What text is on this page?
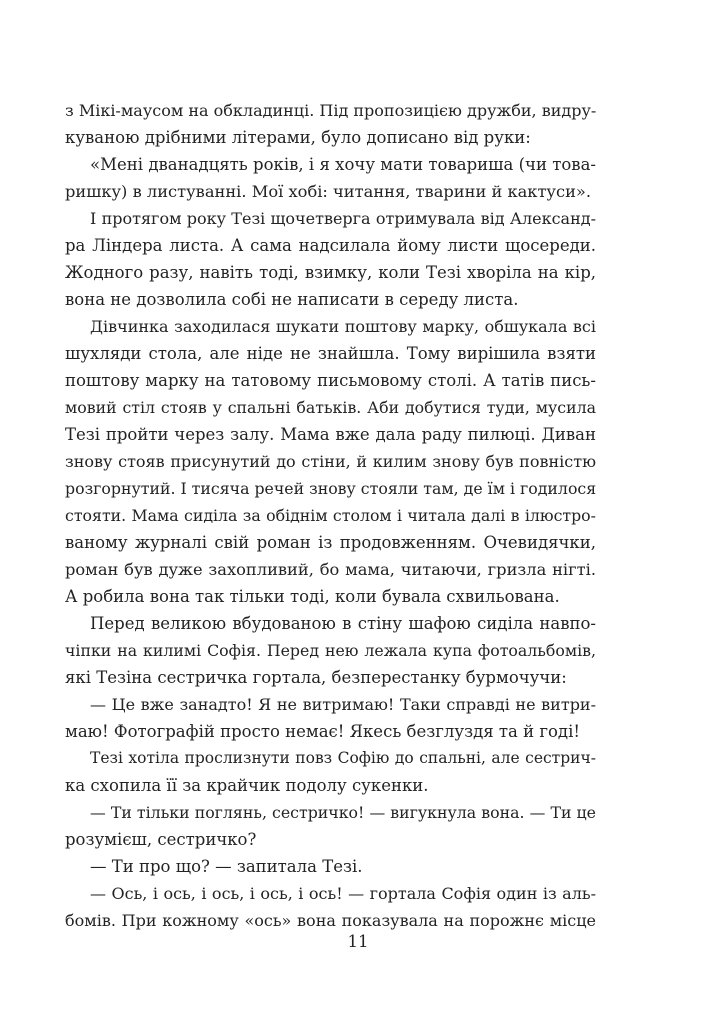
з Мікі-маусом на обкладинці. Під пропозицією дружби, видру-
куваною дрібними літерами, було дописано від руки:
«Мені дванадцять років, і я хочу мати товариша (чи това-
ришку) в листуванні. Мої хобі: читання, тварини й кактуси».
І протягом року Тезі щочетверга отримувала від Александ-
ра Ліндера листа. А сама надсилала йому листи щосереди.
Жодного разу, навіть тоді, взимку, коли Тезі хворіла на кір,
вона не дозволила собі не написати в середу листа.
Дівчинка заходилася шукати поштову марку, обшукала всі
шухляди стола, але ніде не знайшла. Тому вирішила взяти
поштову марку на татовому письмовому столі. А татів пись-
мовий стіл стояв у спальні батьків. Аби добутися туди, мусила
Тезі пройти через залу. Мама вже дала раду пилюці. Диван
знову стояв присунутий до стіни, й килим знову був повністю
розгорнутий. І тисяча речей знову стояли там, де їм і годилося
стояти. Мама сиділа за обіднім столом і читала далі в ілюстро-
ваному журналі свій роман із продовженням. Очевидячки,
роман був дуже захопливий, бо мама, читаючи, гризла нігті.
А робила вона так тільки тоді, коли бувала схвильована.
Перед великою вбудованою в стіну шафою сиділа навпо-
чіпки на килимі Софія. Перед нею лежала купа фотоальбомів,
які Тезіна сестричка гортала, безперестанку бурмочучи:
— Це вже занадто! Я не витримаю! Таки справді не витри-
маю! Фотографій просто немає! Якесь безглуздя та й годі!
Тезі хотіла прослизнути повз Софію до спальні, але сестрич-
ка схопила її за крайчик подолу сукенки.
— Ти тільки поглянь, сестричко! — вигукнула вона. — Ти це
розумієш, сестричко?
— Ти про що? — запитала Тезі.
— Ось, і ось, і ось, і ось, і ось! — гортала Софія один із аль-
бомів. При кожному «ось» вона показувала на порожнє місце
11
